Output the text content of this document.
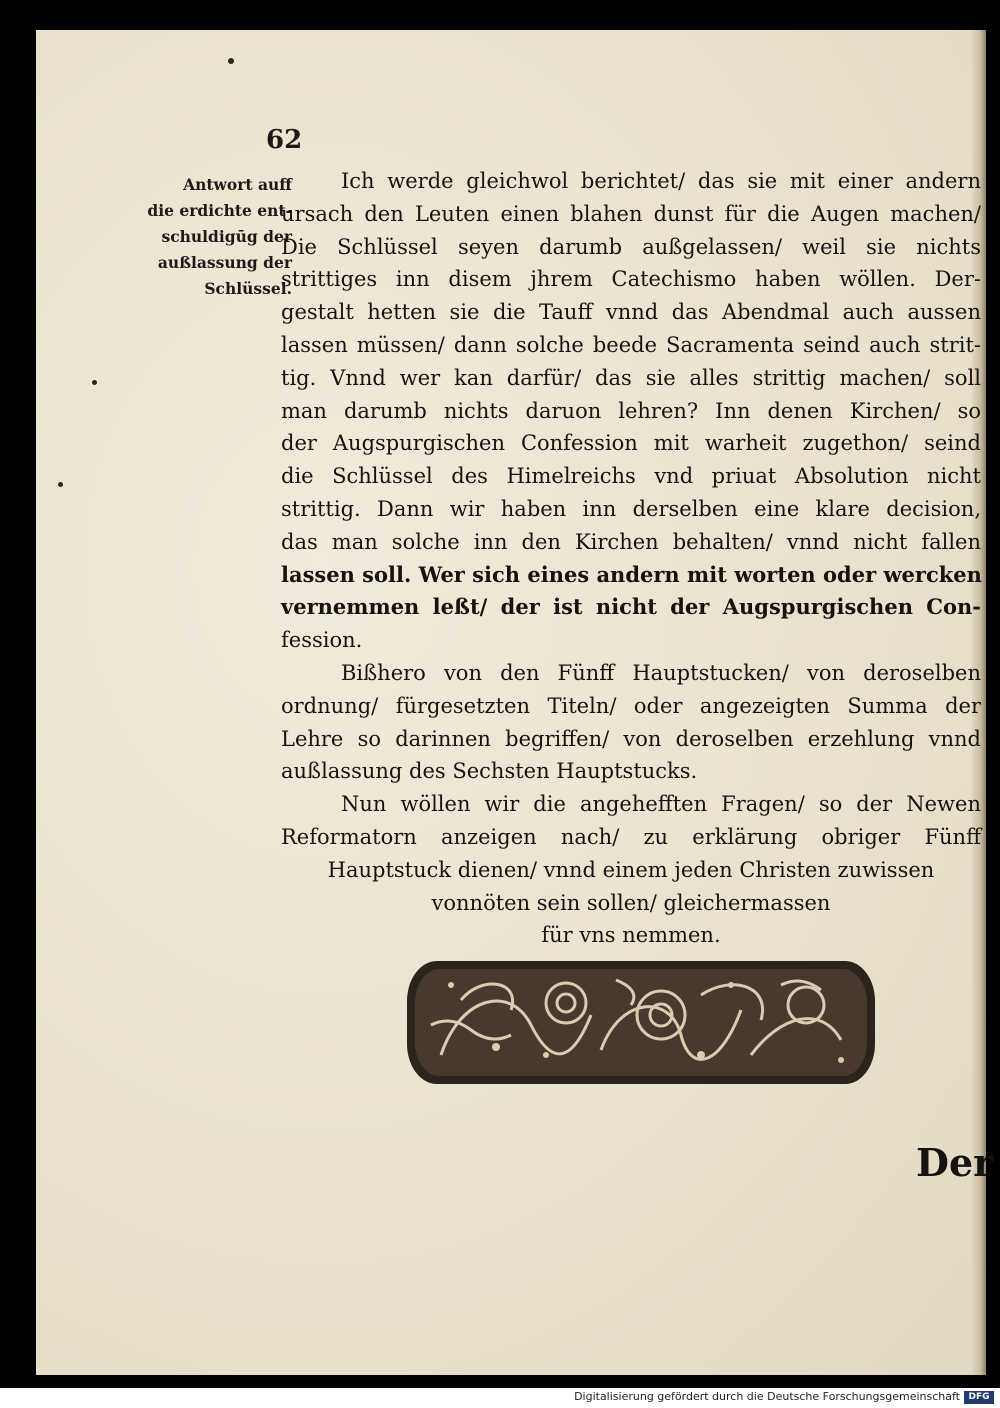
62
Antwort auff
die erdichte ent-
schuldigūg der
außlassung der
Schlüssel.
Ich werde gleichwol berichtet/ das sie mit einer andern
ursach den Leuten einen blahen dunst für die Augen machen/
Die Schlüssel seyen darumb außgelassen/ weil sie nichts
strittiges inn disem jhrem Catechismo haben wöllen. Der-
gestalt hetten sie die Tauff vnnd das Abendmal auch aussen
lassen müssen/ dann solche beede Sacramenta seind auch strit-
tig. Vnnd wer kan darfür/ das sie alles strittig machen/ soll
man darumb nichts daruon lehren? Inn denen Kirchen/ so
der Augspurgischen Confession mit warheit zugethon/ seind
die Schlüssel des Himelreichs vnd priuat Absolution nicht
strittig. Dann wir haben inn derselben eine klare decision,
das man solche inn den Kirchen behalten/ vnnd nicht fallen
lassen soll. Wer sich eines andern mit worten oder wercken
vernemmen leßt/ der ist nicht der Augspurgischen Con-
fession.
Bißhero von den Fünff Hauptstucken/ von deroselben
ordnung/ fürgesetzten Titeln/ oder angezeigten Summa der
Lehre so darinnen begriffen/ von deroselben erzehlung vnnd
außlassung des Sechsten Hauptstucks.
Nun wöllen wir die angehefften Fragen/ so der Newen
Reformatorn anzeigen nach/ zu erklärung obriger Fünff
Hauptstuck dienen/ vnnd einem jeden Christen zuwissen
vonnöten sein sollen/ gleichermassen
für vns nemmen.
Der
Digitalisierung gefördert durch die Deutsche Forschungsgemeinschaft DFG
